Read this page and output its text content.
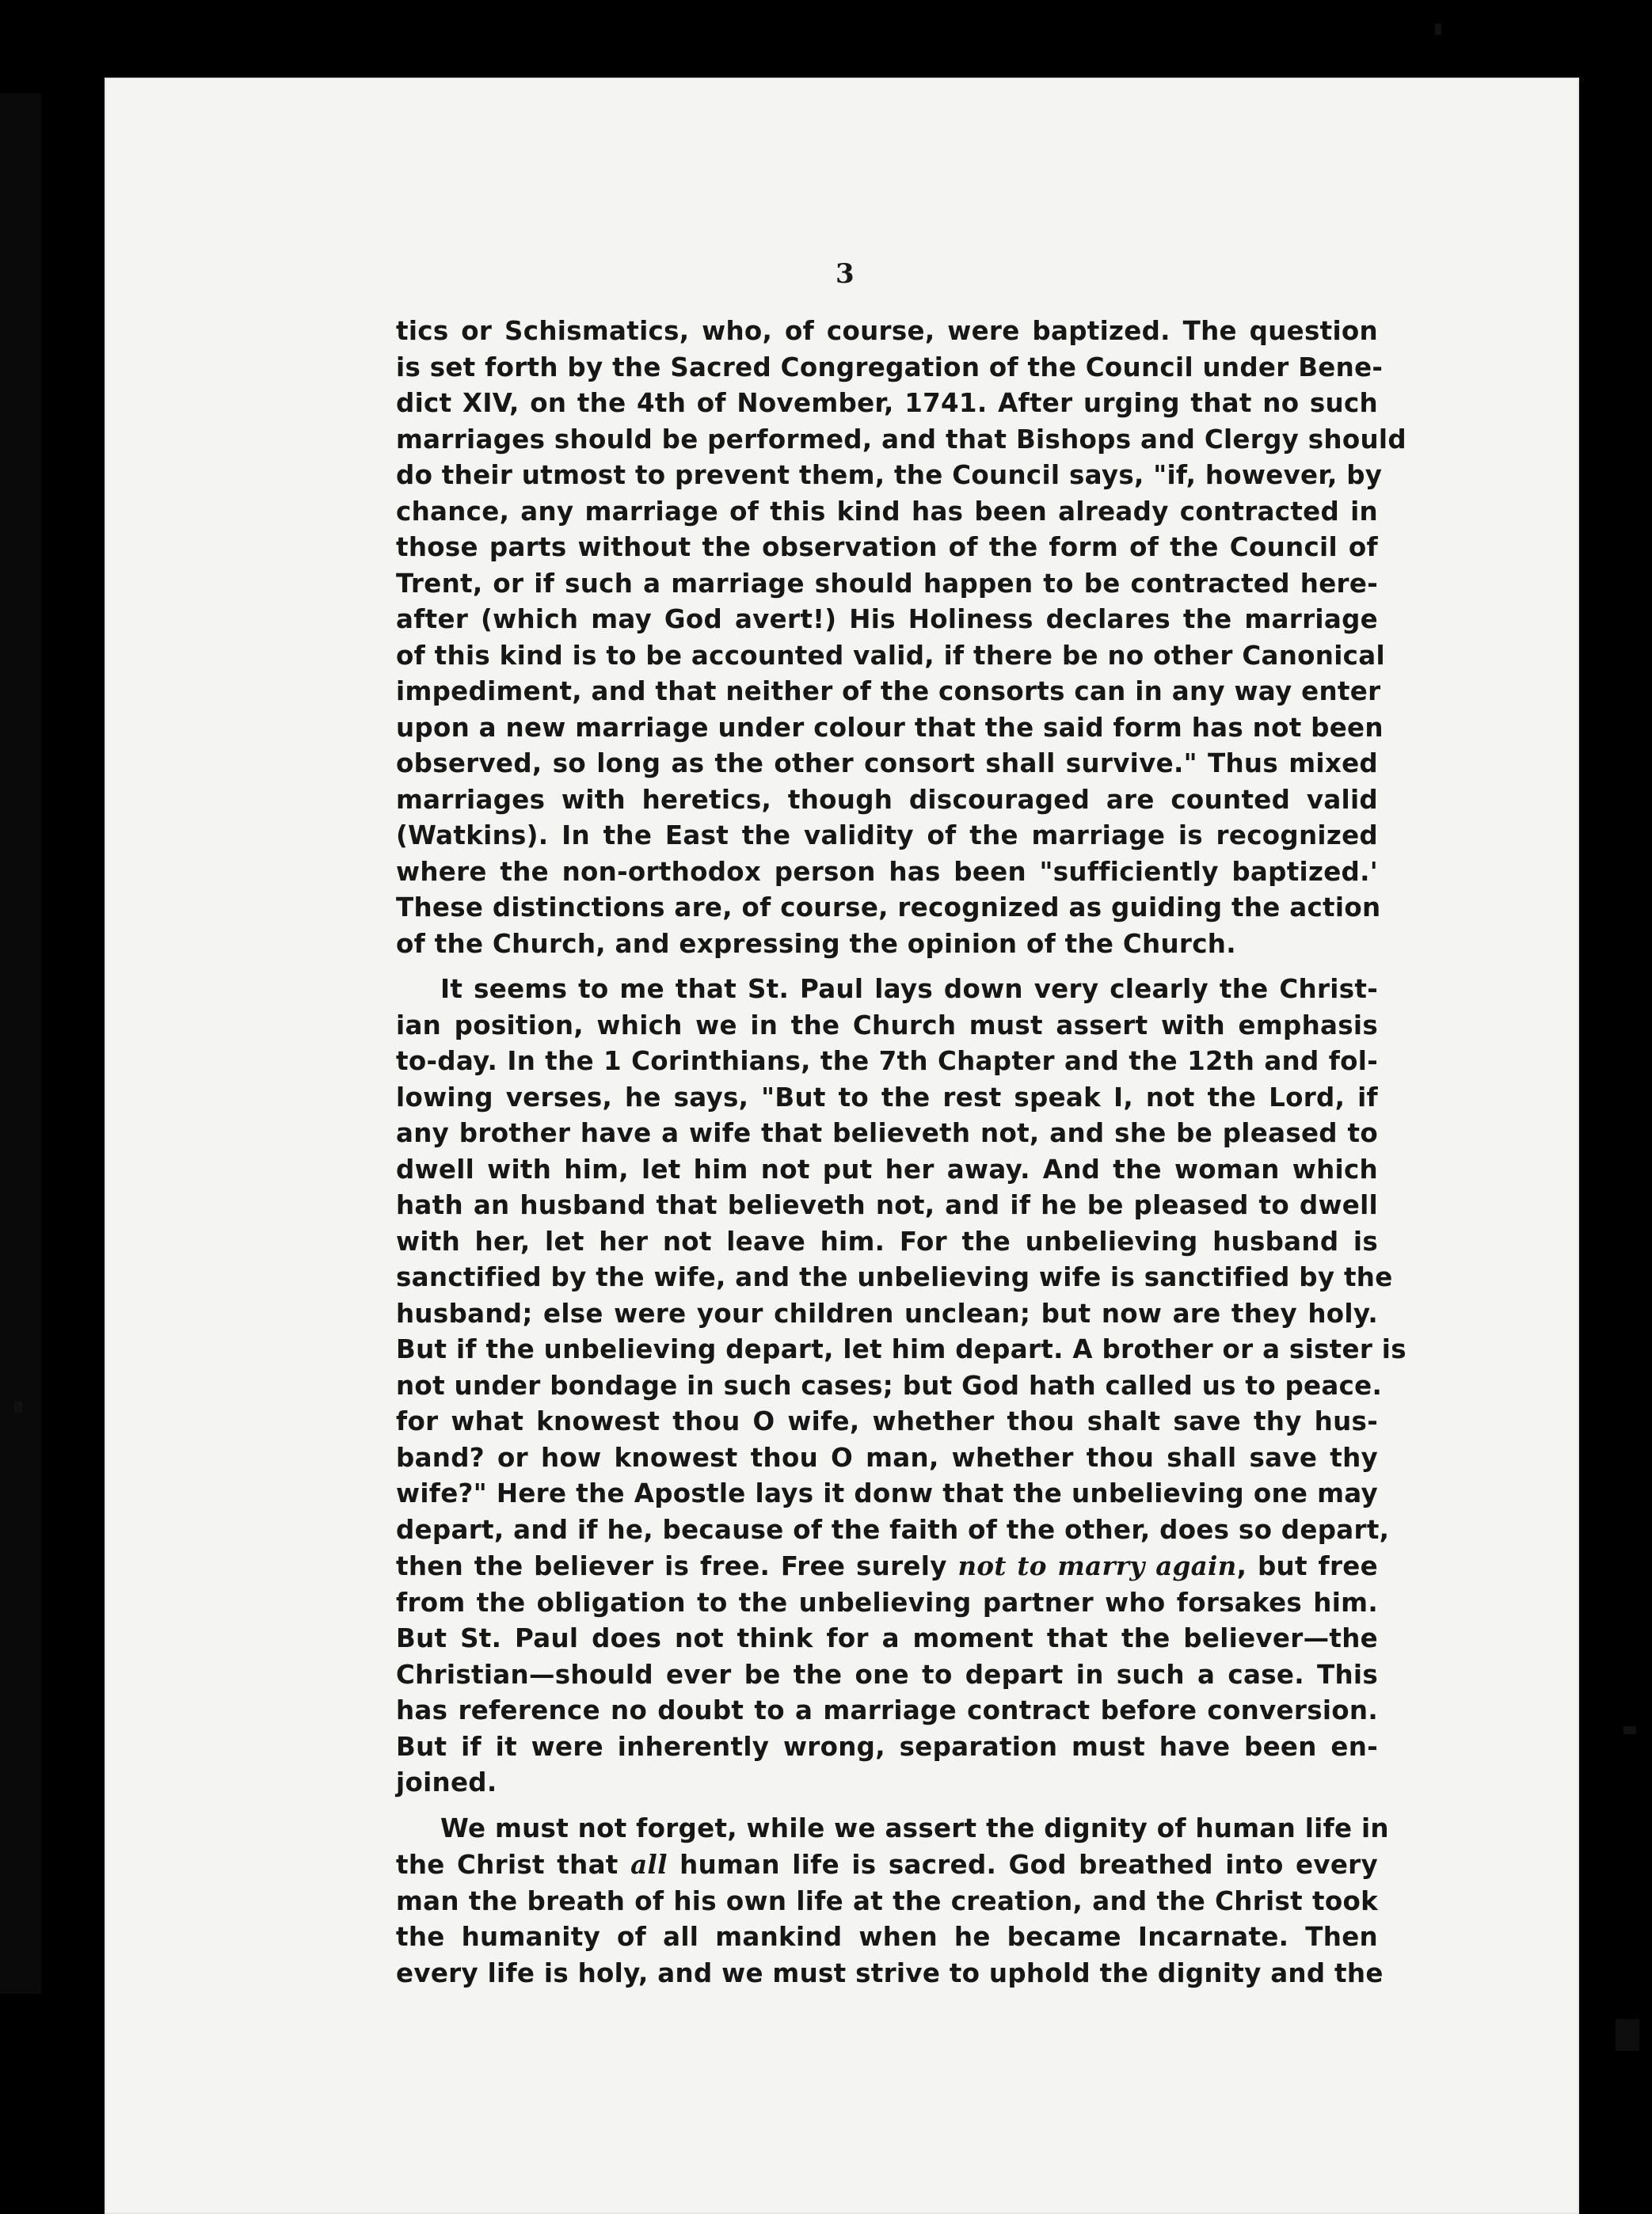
3
tics or Schismatics, who, of course, were baptized. The question
is set forth by the Sacred Congregation of the Council under Bene-
dict XIV, on the 4th of November, 1741. After urging that no such
marriages should be performed, and that Bishops and Clergy should
do their utmost to prevent them, the Council says, "if, however, by
chance, any marriage of this kind has been already contracted in
those parts without the observation of the form of the Council of
Trent, or if such a marriage should happen to be contracted here-
after (which may God avert!) His Holiness declares the marriage
of this kind is to be accounted valid, if there be no other Canonical
impediment, and that neither of the consorts can in any way enter
upon a new marriage under colour that the said form has not been
observed, so long as the other consort shall survive." Thus mixed
marriages with heretics, though discouraged are counted valid
(Watkins). In the East the validity of the marriage is recognized
where the non-orthodox person has been "sufficiently baptized.'
These distinctions are, of course, recognized as guiding the action
of the Church, and expressing the opinion of the Church.
It seems to me that St. Paul lays down very clearly the Christ-
ian position, which we in the Church must assert with emphasis
to-day. In the 1 Corinthians, the 7th Chapter and the 12th and fol-
lowing verses, he says, "But to the rest speak I, not the Lord, if
any brother have a wife that believeth not, and she be pleased to
dwell with him, let him not put her away. And the woman which
hath an husband that believeth not, and if he be pleased to dwell
with her, let her not leave him. For the unbelieving husband is
sanctified by the wife, and the unbelieving wife is sanctified by the
husband; else were your children unclean; but now are they holy.
But if the unbelieving depart, let him depart. A brother or a sister is
not under bondage in such cases; but God hath called us to peace.
for what knowest thou O wife, whether thou shalt save thy hus-
band? or how knowest thou O man, whether thou shall save thy
wife?" Here the Apostle lays it donw that the unbelieving one may
depart, and if he, because of the faith of the other, does so depart,
then the believer is free. Free surely not to marry again, but free
from the obligation to the unbelieving partner who forsakes him.
But St. Paul does not think for a moment that the believer—the
Christian—should ever be the one to depart in such a case. This
has reference no doubt to a marriage contract before conversion.
But if it were inherently wrong, separation must have been en-
joined.
We must not forget, while we assert the dignity of human life in
the Christ that all human life is sacred. God breathed into every
man the breath of his own life at the creation, and the Christ took
the humanity of all mankind when he became Incarnate. Then
every life is holy, and we must strive to uphold the dignity and the
